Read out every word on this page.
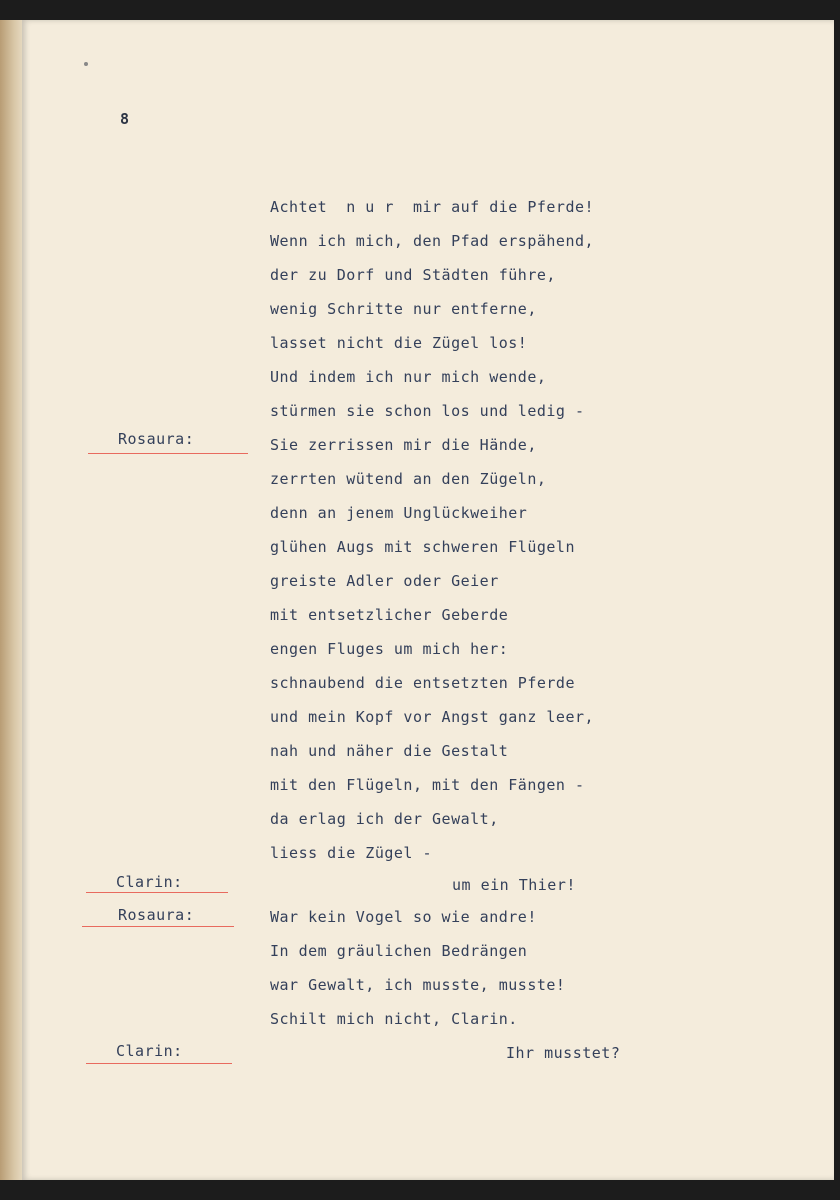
8
Rosaura:
Clarin:
Rosaura:
Clarin:
Achtet  n u r  mir auf die Pferde!
Wenn ich mich, den Pfad erspähend,
der zu Dorf und Städten führe,
wenig Schritte nur entferne,
lasset nicht die Zügel los!
Und indem ich nur mich wende,
stürmen sie schon los und ledig -
Sie zerrissen mir die Hände,
zerrten wütend an den Zügeln,
denn an jenem Unglückweiher
glühen Augs mit schweren Flügeln
greiste Adler oder Geier
mit entsetzlicher Geberde
engen Fluges um mich her:
schnaubend die entsetzten Pferde
und mein Kopf vor Angst ganz leer,
nah und näher die Gestalt
mit den Flügeln, mit den Fängen -
da erlag ich der Gewalt,
liess die Zügel -
um ein Thier!
War kein Vogel so wie andre!
In dem gräulichen Bedrängen
war Gewalt, ich musste, musste!
Schilt mich nicht, Clarin.
Ihr musstet?
